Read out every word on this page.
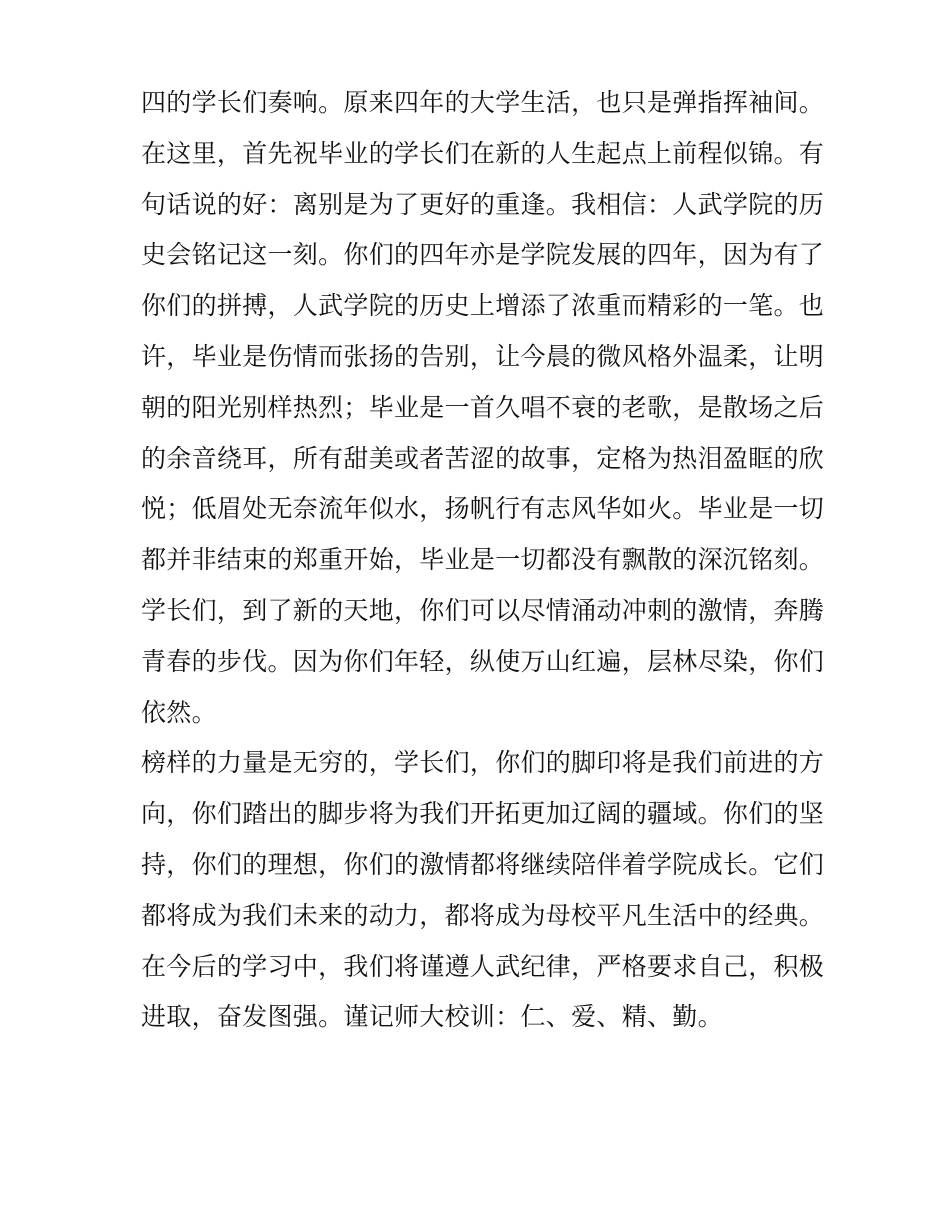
四的学长们奏响。原来四年的大学生活，也只是弹指挥袖间。
在这里，首先祝毕业的学长们在新的人生起点上前程似锦。有
句话说的好：离别是为了更好的重逢。我相信：人武学院的历
史会铭记这一刻。你们的四年亦是学院发展的四年，因为有了
你们的拼搏，人武学院的历史上增添了浓重而精彩的一笔。也
许，毕业是伤情而张扬的告别，让今晨的微风格外温柔，让明
朝的阳光别样热烈；毕业是一首久唱不衰的老歌，是散场之后
的余音绕耳，所有甜美或者苦涩的故事，定格为热泪盈眶的欣
悦；低眉处无奈流年似水，扬帆行有志风华如火。毕业是一切
都并非结束的郑重开始，毕业是一切都没有飘散的深沉铭刻。
学长们，到了新的天地，你们可以尽情涌动冲刺的激情，奔腾
青春的步伐。因为你们年轻，纵使万山红遍，层林尽染，你们
依然。
榜样的力量是无穷的，学长们，你们的脚印将是我们前进的方
向，你们踏出的脚步将为我们开拓更加辽阔的疆域。你们的坚
持，你们的理想，你们的激情都将继续陪伴着学院成长。它们
都将成为我们未来的动力，都将成为母校平凡生活中的经典。
在今后的学习中，我们将谨遵人武纪律，严格要求自己，积极
进取，奋发图强。谨记师大校训：仁、爱、精、勤。
